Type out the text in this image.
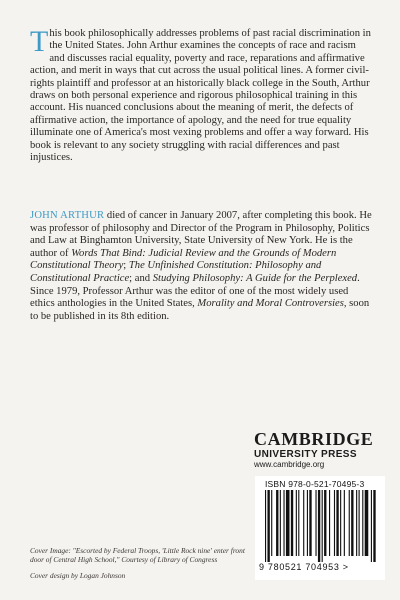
This book philosophically addresses problems of past racial discrimination in the United States. John Arthur examines the concepts of race and racism and discusses racial equality, poverty and race, reparations and affirmative action, and merit in ways that cut across the usual political lines. A former civil-rights plaintiff and professor at an historically black college in the South, Arthur draws on both personal experience and rigorous philosophical training in this account. His nuanced conclusions about the meaning of merit, the defects of affirmative action, the importance of apology, and the need for true equality illuminate one of America's most vexing problems and offer a way forward. His book is relevant to any society struggling with racial differences and past injustices.

JOHN ARTHUR died of cancer in January 2007, after completing this book. He was professor of philosophy and Director of the Program in Philosophy, Politics and Law at Binghamton University, State University of New York. He is the author of Words That Bind: Judicial Review and the Grounds of Modern Constitutional Theory; The Unfinished Constitution: Philosophy and Constitutional Practice; and Studying Philosophy: A Guide for the Perplexed. Since 1979, Professor Arthur was the editor of one of the most widely used ethics anthologies in the United States, Morality and Moral Controversies, soon to be published in its 8th edition.

CAMBRIDGE
UNIVERSITY PRESS
www.cambridge.org
ISBN 978-0-521-70495-3
9 780521 704953 >

Cover Image: "Escorted by Federal Troops, 'Little Rock nine' enter front door of Central High School," Courtesy of Library of Congress

Cover design by Logan Johnson
